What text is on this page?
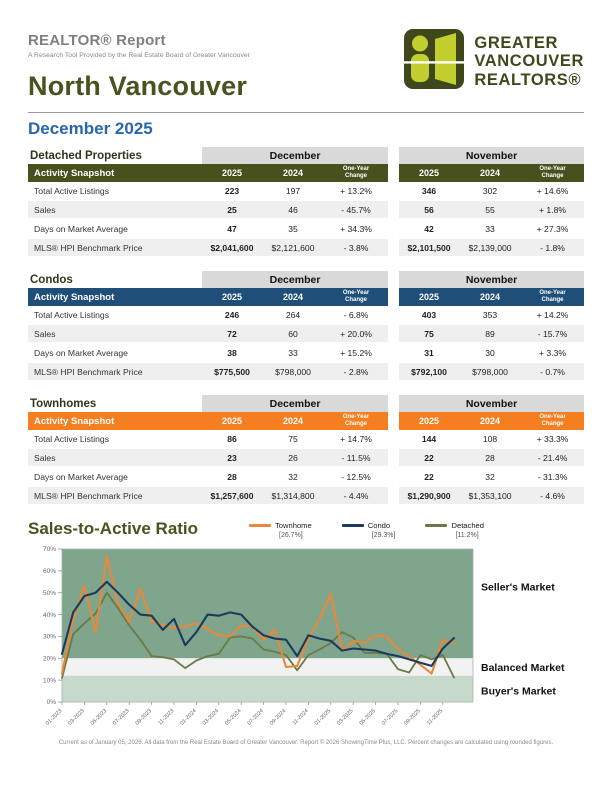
REALTOR® Report
A Research Tool Provided by the Real Estate Board of Greater Vancouver
North Vancouver
GREATER
VANCOUVER
REALTORS®
December 2025
Detached Properties	December				November		
Activity Snapshot	2025	2024	One-Year
Change		2025	2024	One-Year
Change
Total Active Listings	223	197	+ 13.2%		346	302	+ 14.6%
Sales	25	46	- 45.7%		56	55	+ 1.8%
Days on Market Average	47	35	+ 34.3%		42	33	+ 27.3%
MLS® HPI Benchmark Price	$2,041,600	$2,121,600	- 3.8%		$2,101,500	$2,139,000	- 1.8%
Condos	December				November		
Activity Snapshot	2025	2024	One-Year
Change		2025	2024	One-Year
Change
Total Active Listings	246	264	- 6.8%		403	353	+ 14.2%
Sales	72	60	+ 20.0%		75	89	- 15.7%
Days on Market Average	38	33	+ 15.2%		31	30	+ 3.3%
MLS® HPI Benchmark Price	$775,500	$798,000	- 2.8%		$792,100	$798,000	- 0.7%
Townhomes	December				November		
Activity Snapshot	2025	2024	One-Year
Change		2025	2024	One-Year
Change
Total Active Listings	86	75	+ 14.7%		144	108	+ 33.3%
Sales	23	26	- 11.5%		22	28	- 21.4%
Days on Market Average	28	32	- 12.5%		22	32	- 31.3%
MLS® HPI Benchmark Price	$1,257,600	$1,314,800	- 4.4%		$1,290,900	$1,353,100	- 4.6%
Sales-to-Active Ratio	Townhome
[26.7%]
Condo
[29.3%]
Detached
[11.2%]
0%
10%
20%
30%
40%
50%
60%
70%
01-2023 03-2023 05-2023 07-2023 09-2023 11-2023 01-2024 03-2024 05-2024 07-2024 09-2024 11-2024 01-2025 03-2025 05-2025 07-2025 09-2025 11-2025
Seller's Market
Balanced Market
Buyer's Market
Current as of January 05, 2026. All data from the Real Estate Board of Greater Vancouver. Report © 2026 ShowingTime Plus, LLC. Percent changes are calculated using rounded figures.
